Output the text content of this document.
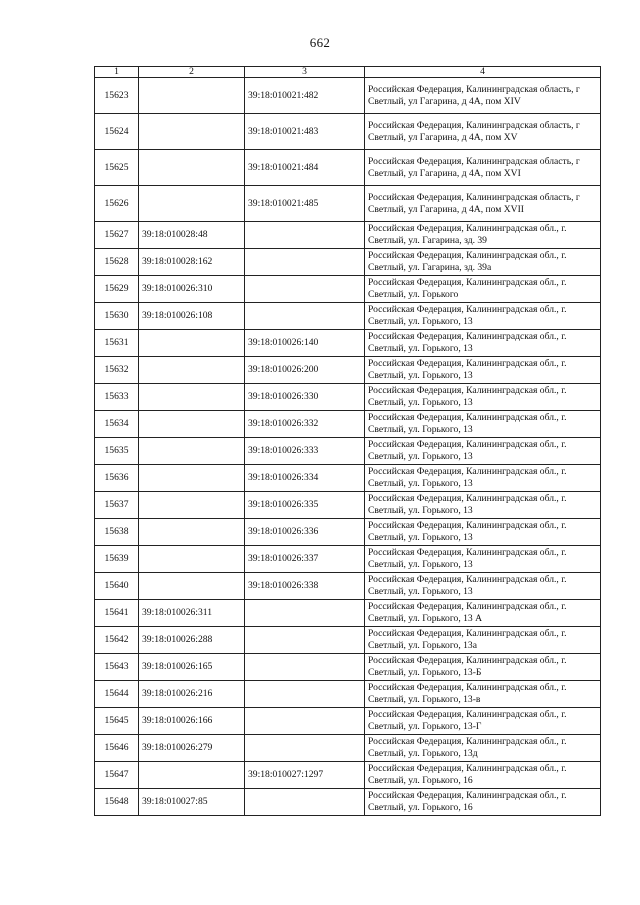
662
1	2	3	4
15623		39:18:010021:482	Российская Федерация, Калининградская область, г Светлый, ул Гагарина, д 4А, пом XIV
15624		39:18:010021:483	Российская Федерация, Калининградская область, г Светлый, ул Гагарина, д 4А, пом XV
15625		39:18:010021:484	Российская Федерация, Калининградская область, г Светлый, ул Гагарина, д 4А, пом XVI
15626		39:18:010021:485	Российская Федерация, Калининградская область, г Светлый, ул Гагарина, д 4А, пом XVII
15627	39:18:010028:48		Российская Федерация, Калининградская обл., г. Светлый, ул. Гагарина, зд. 39
15628	39:18:010028:162		Российская Федерация, Калининградская обл., г. Светлый, ул. Гагарина, зд. 39а
15629	39:18:010026:310		Российская Федерация, Калининградская обл., г. Светлый, ул. Горького
15630	39:18:010026:108		Российская Федерация, Калининградская обл., г. Светлый, ул. Горького, 13
15631		39:18:010026:140	Российская Федерация, Калининградская обл., г. Светлый, ул. Горького, 13
15632		39:18:010026:200	Российская Федерация, Калининградская обл., г. Светлый, ул. Горького, 13
15633		39:18:010026:330	Российская Федерация, Калининградская обл., г. Светлый, ул. Горького, 13
15634		39:18:010026:332	Российская Федерация, Калининградская обл., г. Светлый, ул. Горького, 13
15635		39:18:010026:333	Российская Федерация, Калининградская обл., г. Светлый, ул. Горького, 13
15636		39:18:010026:334	Российская Федерация, Калининградская обл., г. Светлый, ул. Горького, 13
15637		39:18:010026:335	Российская Федерация, Калининградская обл., г. Светлый, ул. Горького, 13
15638		39:18:010026:336	Российская Федерация, Калининградская обл., г. Светлый, ул. Горького, 13
15639		39:18:010026:337	Российская Федерация, Калининградская обл., г. Светлый, ул. Горького, 13
15640		39:18:010026:338	Российская Федерация, Калининградская обл., г. Светлый, ул. Горького, 13
15641	39:18:010026:311		Российская Федерация, Калининградская обл., г. Светлый, ул. Горького, 13 А
15642	39:18:010026:288		Российская Федерация, Калининградская обл., г. Светлый, ул. Горького, 13а
15643	39:18:010026:165		Российская Федерация, Калининградская обл., г. Светлый, ул. Горького, 13-Б
15644	39:18:010026:216		Российская Федерация, Калининградская обл., г. Светлый, ул. Горького, 13-в
15645	39:18:010026:166		Российская Федерация, Калининградская обл., г. Светлый, ул. Горького, 13-Г
15646	39:18:010026:279		Российская Федерация, Калининградская обл., г. Светлый, ул. Горького, 13д
15647		39:18:010027:1297	Российская Федерация, Калининградская обл., г. Светлый, ул. Горького, 16
15648	39:18:010027:85		Российская Федерация, Калининградская обл., г. Светлый, ул. Горького, 16
